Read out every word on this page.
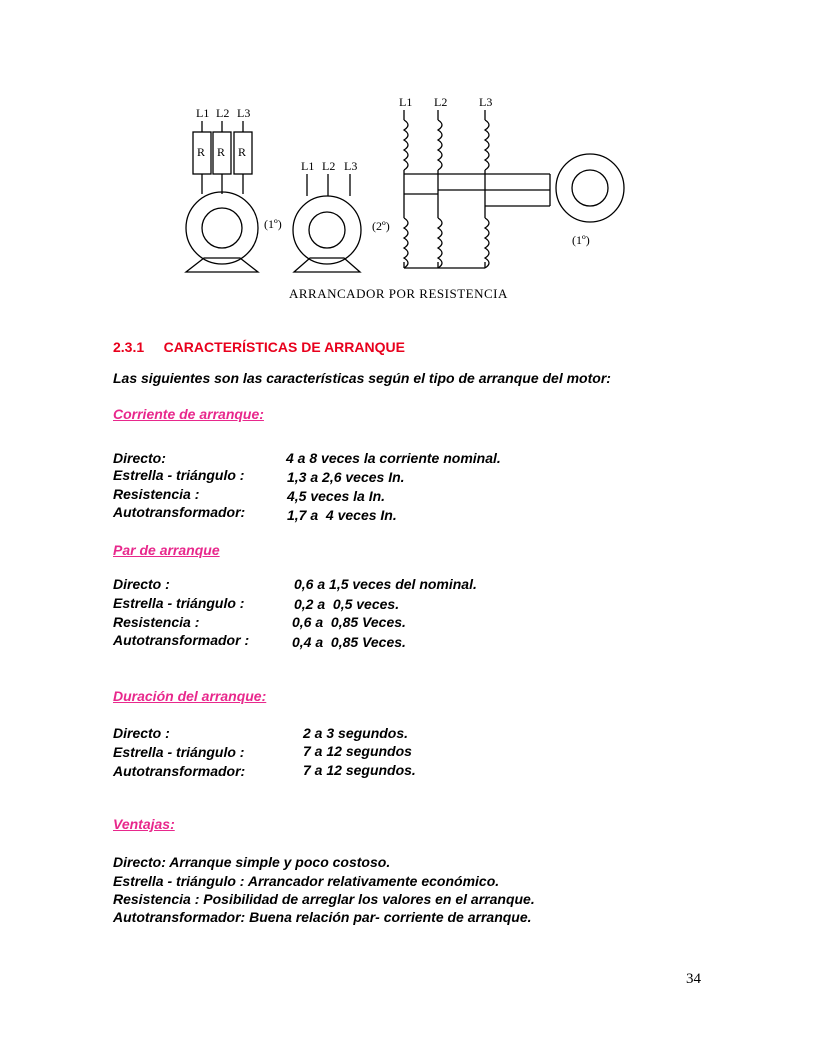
L1 L2 L3
R R R
(1º)
L1 L2 L3
(2º)
L1 L2	L3
(1º)
ARRANCADOR POR RESISTENCIA
2.3.1     CARACTERÍSTICAS DE ARRANQUE
Las siguientes son las características según el tipo de arranque del motor:
Corriente de arranque:
Directo:	4 a 8 veces la corriente nominal.
Estrella - triángulo :	1,3 a 2,6 veces In.
Resistencia :	4,5 veces la In.
Autotransformador:	1,7 a  4 veces In.
Par de arranque
Directo :	0,6 a 1,5 veces del nominal.
Estrella - triángulo :	0,2 a  0,5 veces.
Resistencia :	0,6 a  0,85 Veces.
Autotransformador :	0,4 a  0,85 Veces.
Duración del arranque:
Directo :	2 a 3 segundos.
Estrella - triángulo :	7 a 12 segundos
Autotransformador:	7 a 12 segundos.
Ventajas:
Directo: Arranque simple y poco costoso.
Estrella - triángulo : Arrancador relativamente económico.
Resistencia : Posibilidad de arreglar los valores en el arranque.
Autotransformador: Buena relación par- corriente de arranque.
34
